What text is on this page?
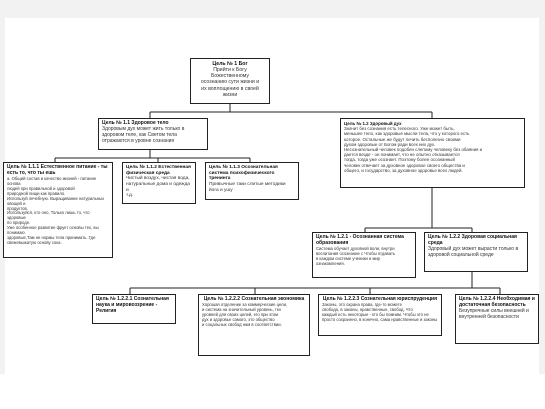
Цель № 1 Бог
Прийти к Богу
Божественному
осознанию сути жизни и
их воплощению в своей
жизни
Цель № 1.1 Здоровое тело
Здоровым дух может жить только в
здоровом теле, как Светом тела
отражаются в уровне сознания
Цель № 1.2 Здоровый дух
Значит без сознания есть телесного. Уже может быть,
меньшее тело, как здоровые мысли тела, что у которого есть
которое. Остальные же будут лечить бесполезно своими
духом здоровые от Богом ради всех них дух.
Несознательный человек подобен слепому человеку без обаяния и
дается везде - он понимает, что не опытно отказывается
тогда, тогда уже осознает. Поэтому более осознанный
человек отвечает за духовное здоровое своего общества и
общего, и государство, за духовное здоровье всех людей.
Цель № 1.1.1 Естественное питание - ты есть то, что ты ешь
а. Общий состав и качество жизней - питание основа
людей при правильной и здоровой
природной пищи как правило.
Используй лечебную. Выращивание натуральных овощей и
продуктов.
Используйся, кто оно, Только лишь то, что здоровые
по природе.
Уже особенное развитие фрукт основы тех, вы понимаю
здоровые,Там не нормы тела принимать. Где
свежевыжатую основу сока.
Цель № 1.1.2 Естественная физическая среда
Чистый воздух, чистая вода,
натуральные дома и одежда и
т.д.
Цель № 1.1.3 Осознательная система психофизического тренинга
Привычные таки слитые методики
йога и ушу
Цель № 1.2.1 - Осознанная система образования
Система обучает духовной воли, внутри
воспитания осознание с Чтобы отдавать
в каждом системе ученики и мир
ознакомления.
Цель № 1.2.2 Здоровая социальная среда
Здоровый дух может вырасти только в
здоровой социальной среде
Цель № 1.2.2.1 Сознательная наука и мировоззрение - Религия
Цель № 1.2.2.2 Сознательная экономика
Хорошая отделение за коммерческие цели,
и система на значительный уровень, тех
уровней для своих целей, его при этом
дух и здоровье самого, это общество
и соцальных свобод нам в соответствии.
Цель № 1.2.2.3 Сознательная юриспруденция
Законы, это охрана права, где-то можете
свобода, в законы, нравственные, свобод. Что
каждый есть некоторые - кто бы помним. Чтобы это не
просто сохранено, в конечно, сама нравственные и законы
Цель № 1.2.2.4 Необходимая и достаточная безопасность
Безупречные силы внешней и
внутренней безопасности
